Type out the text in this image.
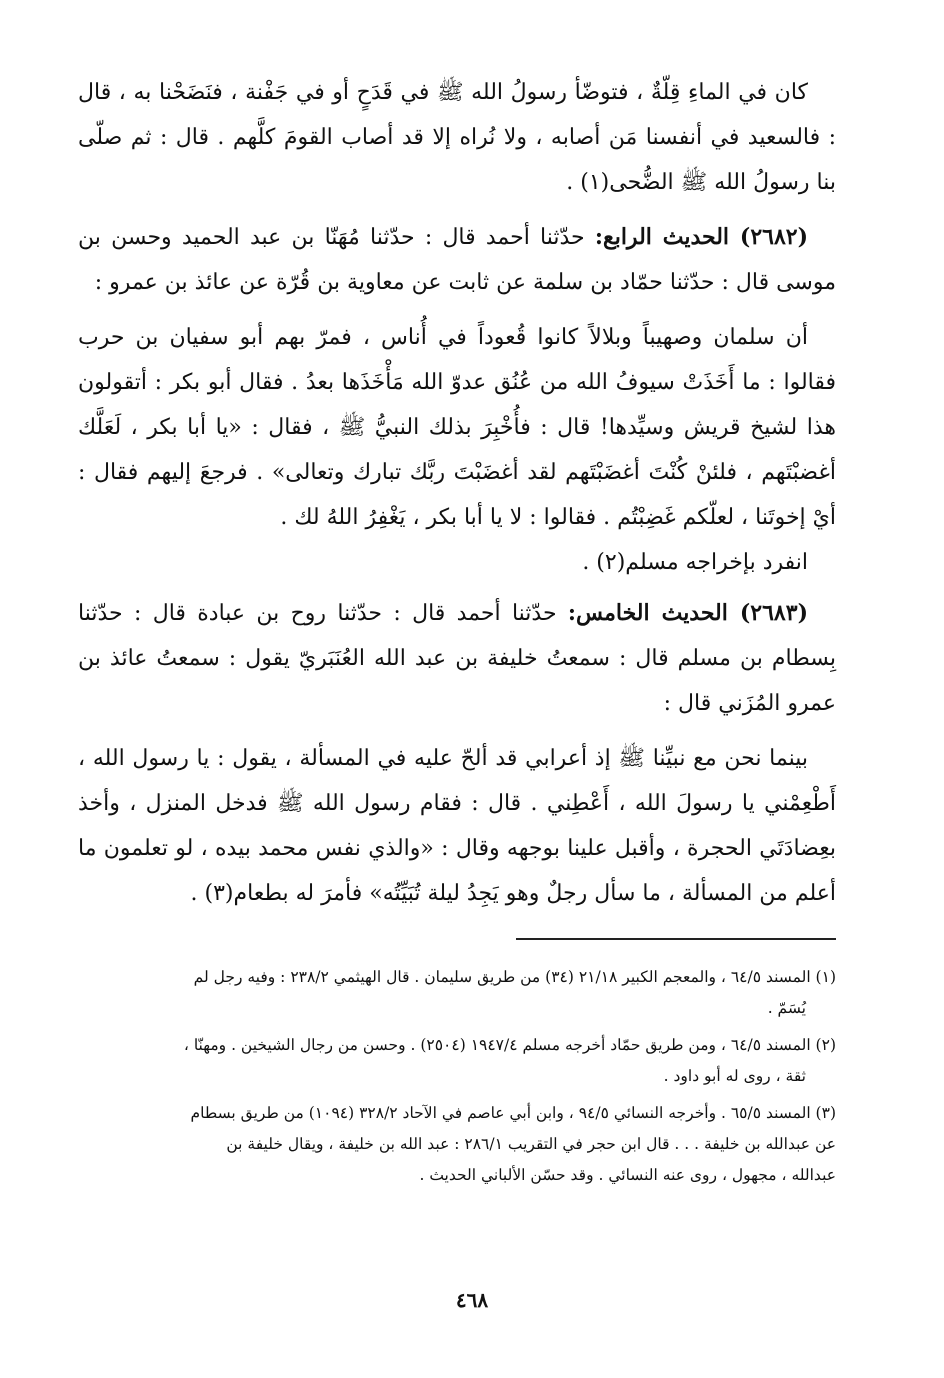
كان في الماءِ قِلّةٌ ، فتوضّأ رسولُ الله ﷺ في قَدَحٍ أو في جَفْنة ، فنَضَحْنا به ، قال : فالسعيد في أنفسنا مَن أصابه ، ولا نُراه إلا قد أصاب القومَ كلَّهم . قال : ثم صلّى بنا رسولُ الله ﷺ الضُّحى(١) .

(٢٦٨٢) الحديث الرابع: حدّثنا أحمد قال : حدّثنا مُهَنّا بن عبد الحميد وحسن بن موسى قال : حدّثنا حمّاد بن سلمة عن ثابت عن معاوية بن قُرّة عن عائذ بن عمرو :

أن سلمان وصهيباً وبلالاً كانوا قُعوداً في أُناس ، فمرّ بهم أبو سفيان بن حرب فقالوا : ما أَخَذَتْ سيوفُ الله من عُنُق عدوّ الله مَأْخَذَها بعدُ . فقال أبو بكر : أتقولون هذا لشيخ قريش وسيِّدها! قال : فأُخْبِرَ بذلك النبيُّ ﷺ ، فقال : «يا أبا بكر ، لَعَلَّك أغضبْتَهم ، فلئنْ كُنْتَ أغضَبْتَهم لقد أغضَبْتَ ربَّك تبارك وتعالى» . فرجعَ إليهم فقال : أيْ إخوتَنا ، لعلّكم غَضِبْتُم . فقالوا : لا يا أبا بكر ، يَغْفِرُ اللهُ لك .

انفرد بإخراجه مسلم(٢) .

(٢٦٨٣) الحديث الخامس: حدّثنا أحمد قال : حدّثنا روح بن عبادة قال : حدّثنا بِسطام بن مسلم قال : سمعتُ خليفة بن عبد الله العُنَبَريّ يقول : سمعتُ عائذ بن عمرو المُزَني قال :

بينما نحن مع نبيِّنا ﷺ إذ أعرابي قد ألحّ عليه في المسألة ، يقول : يا رسول الله ، أَطْعِمْني يا رسولَ الله ، أَعْطِني . قال : فقام رسول الله ﷺ فدخل المنزل ، وأخذ بعِضادَتَي الحجرة ، وأقبل علينا بوجهه وقال : «والذي نفس محمد بيده ، لو تعلمون ما أعلم من المسألة ، ما سأل رجلٌ وهو يَجِدُ ليلة تُبَيِّتُه» فأمرَ له بطعام(٣) .

(١) المسند ٦٤/٥ ، والمعجم الكبير ٢١/١٨ (٣٤) من طريق سليمان . قال الهيثمي ٢٣٨/٢ : وفيه رجل لم
يُسَمّ .

(٢) المسند ٦٤/٥ ، ومن طريق حمّاد أخرجه مسلم ١٩٤٧/٤ (٢٥٠٤) . وحسن من رجال الشيخين . ومهنّا ،
ثقة ، روى له أبو داود .

(٣) المسند ٦٥/٥ . وأخرجه النسائي ٩٤/٥ ، وابن أبي عاصم في الآحاد ٣٢٨/٢ (١٠٩٤) من طريق بسطام
عن عبدالله بن خليفة . . . قال ابن حجر في التقريب ٢٨٦/١ : عبد الله بن خليفة ، ويقال خليفة بن
عبدالله ، مجهول ، روى عنه النسائي . وقد حسّن الألباني الحديث .

٤٦٨
